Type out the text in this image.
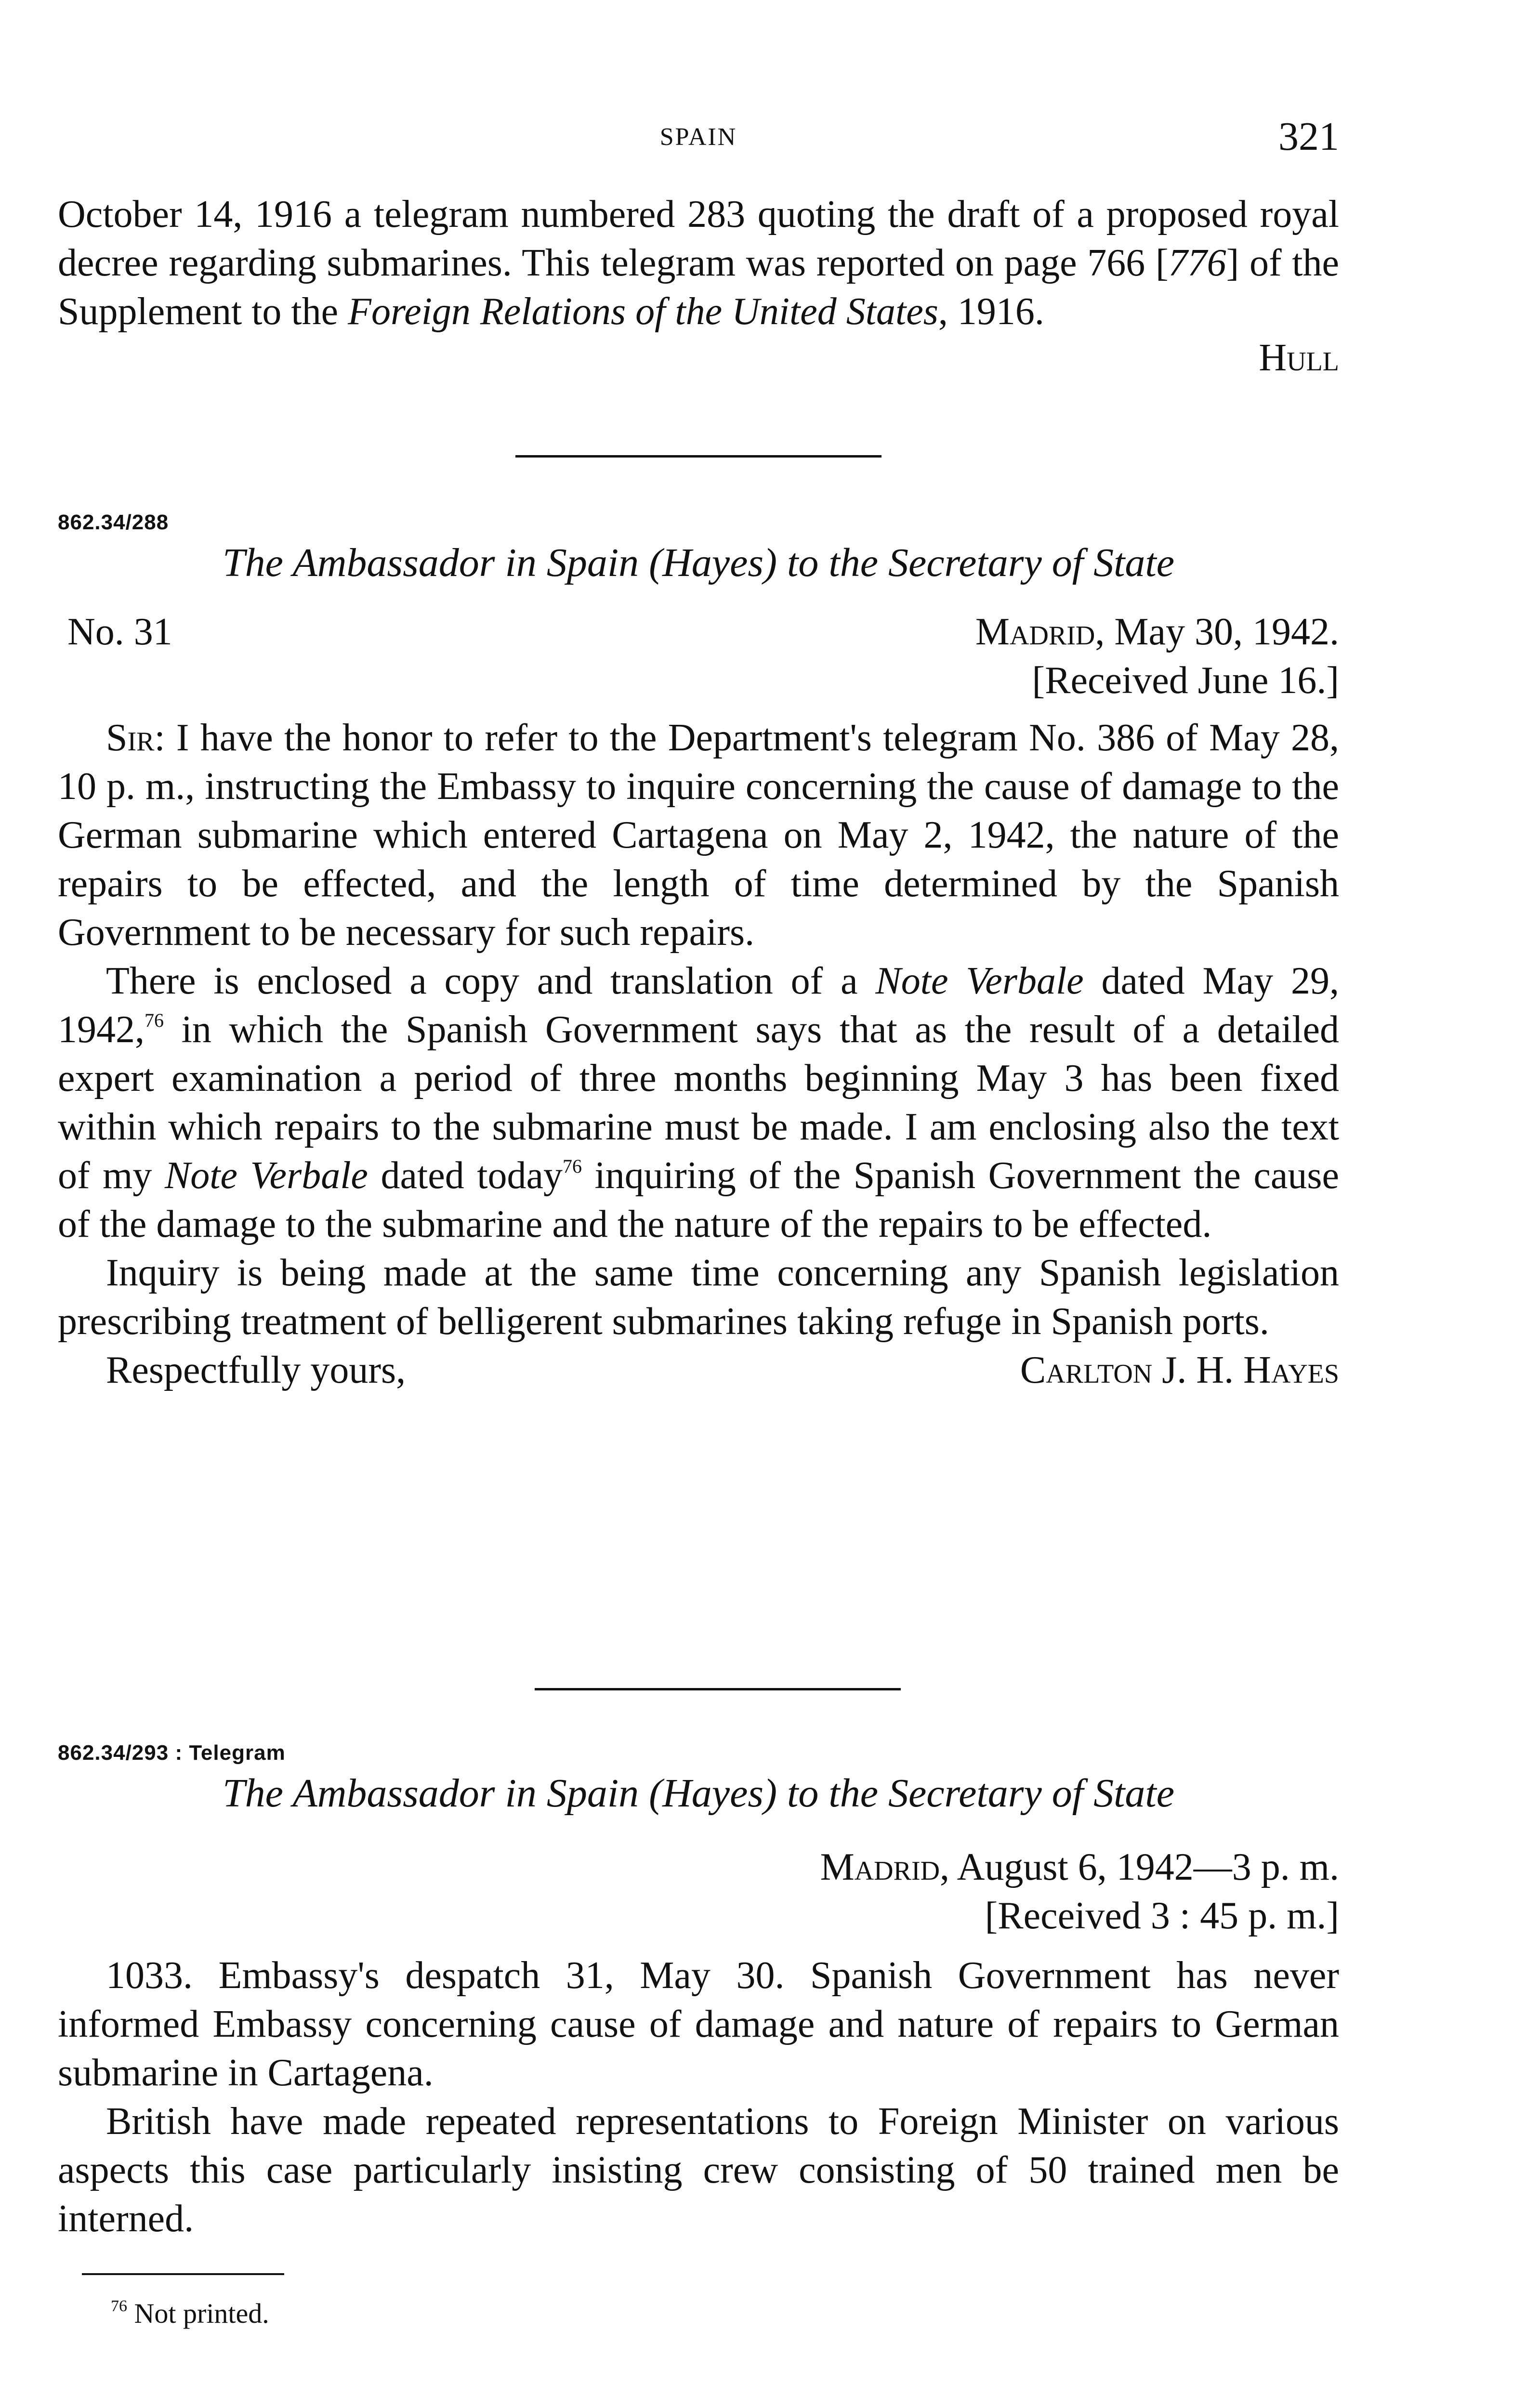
SPAIN	321

October 14, 1916 a telegram numbered 283 quoting the draft of a proposed royal decree regarding submarines. This telegram was reported on page 766 [776] of the Supplement to the Foreign Relations of the United States, 1916.

Hull

862.34/288
The Ambassador in Spain (Hayes) to the Secretary of State
No. 31	Madrid, May 30, 1942.
[Received June 16.]

Sir: I have the honor to refer to the Department's telegram No. 386 of May 28, 10 p. m., instructing the Embassy to inquire concerning the cause of damage to the German submarine which entered Cartagena on May 2, 1942, the nature of the repairs to be effected, and the length of time determined by the Spanish Government to be necessary for such repairs.

There is enclosed a copy and translation of a Note Verbale dated May 29, 1942,76 in which the Spanish Government says that as the result of a detailed expert examination a period of three months beginning May 3 has been fixed within which repairs to the submarine must be made. I am enclosing also the text of my Note Verbale dated today$^{76}$ inquiring of the Spanish Government the cause of the damage to the submarine and the nature of the repairs to be effected.

Inquiry is being made at the same time concerning any Spanish legislation prescribing treatment of belligerent submarines taking refuge in Spanish ports.

Respectfully yours,	Carlton J. H. Hayes
862.34/293 : Telegram
The Ambassador in Spain (Hayes) to the Secretary of State
Madrid, August 6, 1942—3 p. m.
[Received 3 : 45 p. m.]

1033. Embassy's despatch 31, May 30. Spanish Government has never informed Embassy concerning cause of damage and nature of repairs to German submarine in Cartagena.

British have made repeated representations to Foreign Minister on various aspects this case particularly insisting crew consisting of 50 trained men be interned.

$^{76}$ Not printed.
